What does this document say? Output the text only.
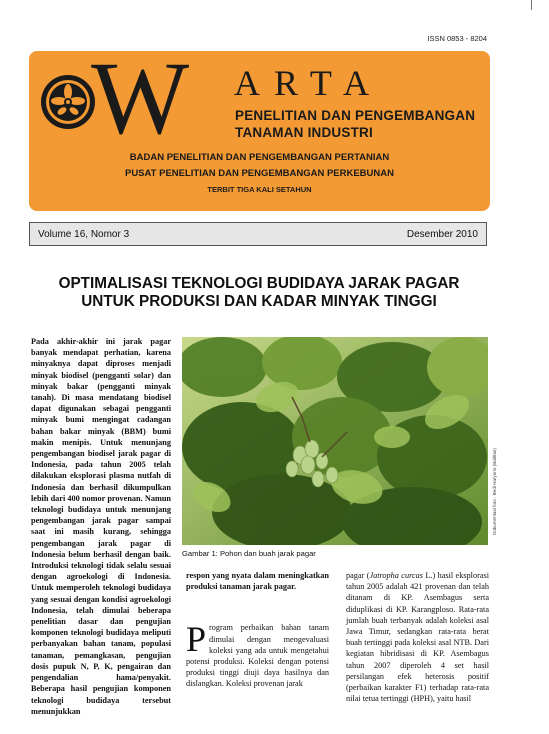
ISSN 0853 - 8204
W ARTA
PENELITIAN DAN PENGEMBANGAN
TANAMAN INDUSTRI
BADAN PENELITIAN DAN PENGEMBANGAN PERTANIAN
PUSAT PENELITIAN DAN PENGEMBANGAN PERKEBUNAN
TERBIT TIGA KALI SETAHUN
Volume 16, Nomor 3	Desember 2010
OPTIMALISASI TEKNOLOGI BUDIDAYA JARAK PAGAR
UNTUK PRODUKSI DAN KADAR MINYAK TINGGI

Pada akhir-akhir ini jarak pagar banyak mendapat perhatian, karena minyaknya dapat diproses menjadi minyak biodisel (pengganti solar) dan minyak bakar (pengganti minyak tanah). Di masa mendatang biodisel dapat digunakan sebagai pengganti minyak bumi mengingat cadangan bahan bakar minyak (BBM) bumi makin menipis. Untuk menunjang pengembangan biodisel jarak pagar di Indonesia, pada tahun 2005 telah dilakukan eksplorasi plasma nutfah di Indonesia dan berhasil dikumpulkan lebih dari 400 nomor provenan. Namun teknologi budidaya untuk menunjang pengembangan jarak pagar sampai saat ini masih kurang, sehingga pengembangan jarak pagar di Indonesia belum berhasil dengan baik. Introduksi teknologi tidak selalu sesuai dengan agroekologi di Indonesia. Untuk memperoleh teknologi budidaya yang sesuai dengan kondisi agroekologi Indonesia, telah dimulai beberapa penelitian dasar dan pengujian komponen teknologi budidaya meliputi perbanyakan bahan tanam, populasi tanaman, pemangkasan, pengujian dosis pupuk N, P, K, pengairan dan pengendalian hama/penyakit. Beberapa hasil pengujian komponen teknologi budidaya tersebut menunjukkan

Dokumentasi foto : Bedi Haryono (Balittas)
Gambar 1: Pohon dan buah jarak pagar

respon yang nyata dalam meningkatkan produksi tanaman jarak pagar.

Program perbaikan bahan tanam dimulai dengan mengevaluasi koleksi yang ada untuk mengetahui potensi produksi. Koleksi dengan potensi produksi tinggi diuji daya hasilnya dan dislangkan. Koleksi provenan jarak

pagar (Jatropha curcas L.) hasil eksplorasi tahun 2005 adalah 421 provenan dan telah ditanam di KP. Asembagus serta diduplikasi di KP. Karangploso. Rata-rata jumlah buah terbanyak adalah koleksi asal Jawa Timur, sedangkan rata-rata berat buah tertinggi pada koleksi asal NTB. Dari kegiatan hibridisasi di KP. Asembagus tahun 2007 diperoleh 4 set hasil persilangan efek heterosis positif (perbaikan karakter F1) terhadap rata-rata nilai tetua tertinggi (HPH), yaitu hasil
